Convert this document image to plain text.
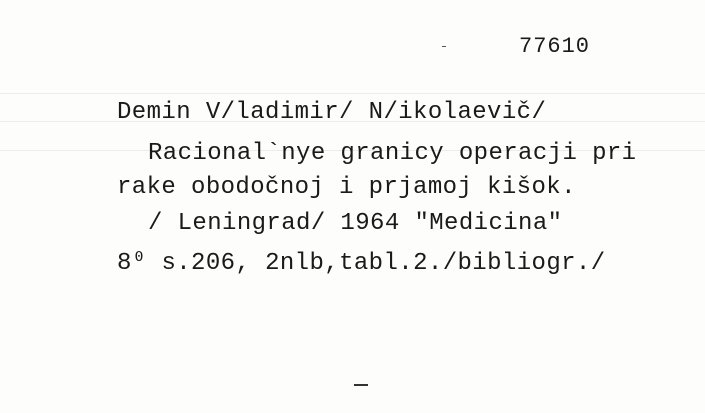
77610
Demin V/ladimir/ N/ikolaevič/
Racional`nye granicy operacji pri
rake obodočnoj i prjamoj kišok.
/ Leningrad/ 1964 "Medicina"
8⁰ s.206, 2nlb,tabl.2./bibliogr./
